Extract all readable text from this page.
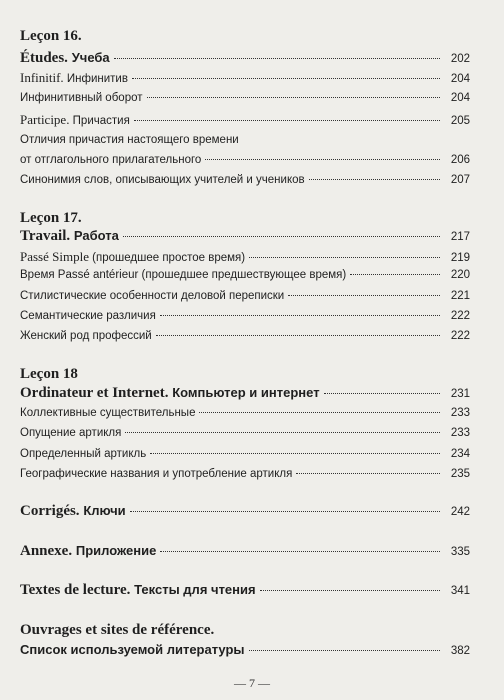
Leçon 16.
Études. Учеба	202
Infinitif. Инфинитив	204
Инфинитивный оборот	204
Participe. Причастия	205
Отличия причастия настоящего времени
от отглагольного прилагательного	206
Синонимия слов, описывающих учителей и учеников	207
Leçon 17.
Travail. Работа	217
Passé Simple (прошедшее простое время)	219
Время Passé antérieur (прошедшее предшествующее время)	220
Стилистические особенности деловой переписки	221
Семантические различия	222
Женский род профессий	222
Leçon 18
Ordinateur et Internet. Компьютер и интернет	231
Коллективные существительные	233
Опущение артикля	233
Определенный артикль	234
Географические названия и употребление артикля	235
Corrigés. Ключи	242
Annexe. Приложение	335
Textes de lecture. Тексты для чтения	341
Ouvrages et sites de référence.
Список используемой литературы	382
— 7 —
